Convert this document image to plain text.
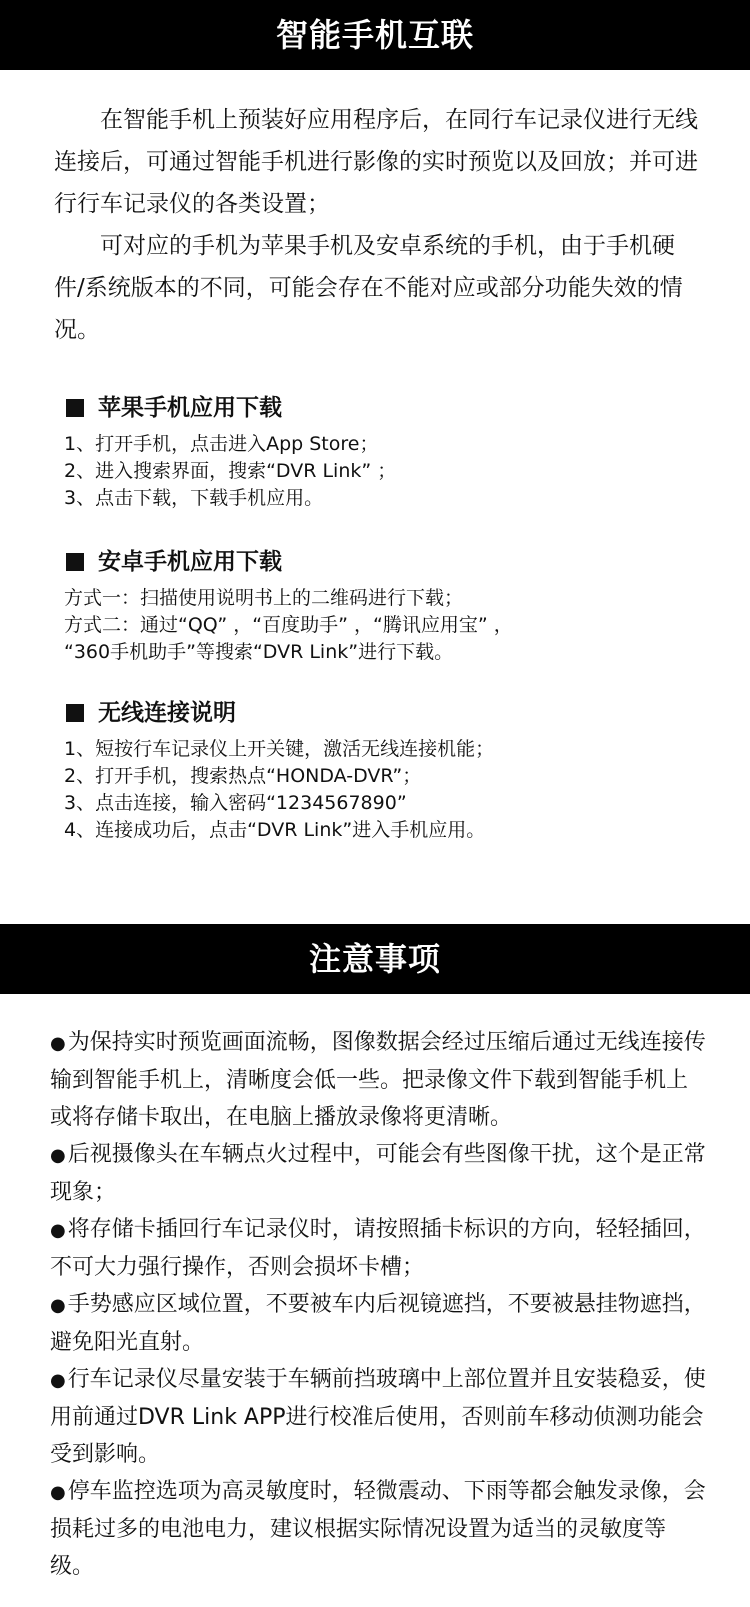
智能手机互联

在智能手机上预装好应用程序后，在同行车记录仪进行无线连接后，可通过智能手机进行影像的实时预览以及回放；并可进行行车记录仪的各类设置；

可对应的手机为苹果手机及安卓系统的手机，由于手机硬件/系统版本的不同，可能会存在不能对应或部分功能失效的情况。

苹果手机应用下载
1、打开手机，点击进入App Store；
2、进入搜索界面，搜索“DVR Link” ；
3、点击下载，下载手机应用。
安卓手机应用下载
方式一：扫描使用说明书上的二维码进行下载；
方式二：通过“QQ” ，“百度助手” ，“腾讯应用宝” ，
“360手机助手”等搜索“DVR Link”进行下载。
无线连接说明
1、短按行车记录仪上开关键，激活无线连接机能；
2、打开手机，搜索热点“HONDA-DVR”；
3、点击连接，输入密码“1234567890”
4、连接成功后，点击“DVR Link”进入手机应用。
注意事项

●为保持实时预览画面流畅，图像数据会经过压缩后通过无线连接传输到智能手机上，清晰度会低一些。把录像文件下载到智能手机上或将存储卡取出，在电脑上播放录像将更清晰。

●后视摄像头在车辆点火过程中，可能会有些图像干扰，这个是正常现象；

●将存储卡插回行车记录仪时，请按照插卡标识的方向，轻轻插回，不可大力强行操作，否则会损坏卡槽；

●手势感应区域位置，不要被车内后视镜遮挡，不要被悬挂物遮挡，避免阳光直射。

●行车记录仪尽量安装于车辆前挡玻璃中上部位置并且安装稳妥，使用前通过DVR Link APP进行校准后使用，否则前车移动侦测功能会受到影响。

●停车监控选项为高灵敏度时，轻微震动、下雨等都会触发录像，会损耗过多的电池电力，建议根据实际情况设置为适当的灵敏度等级。
